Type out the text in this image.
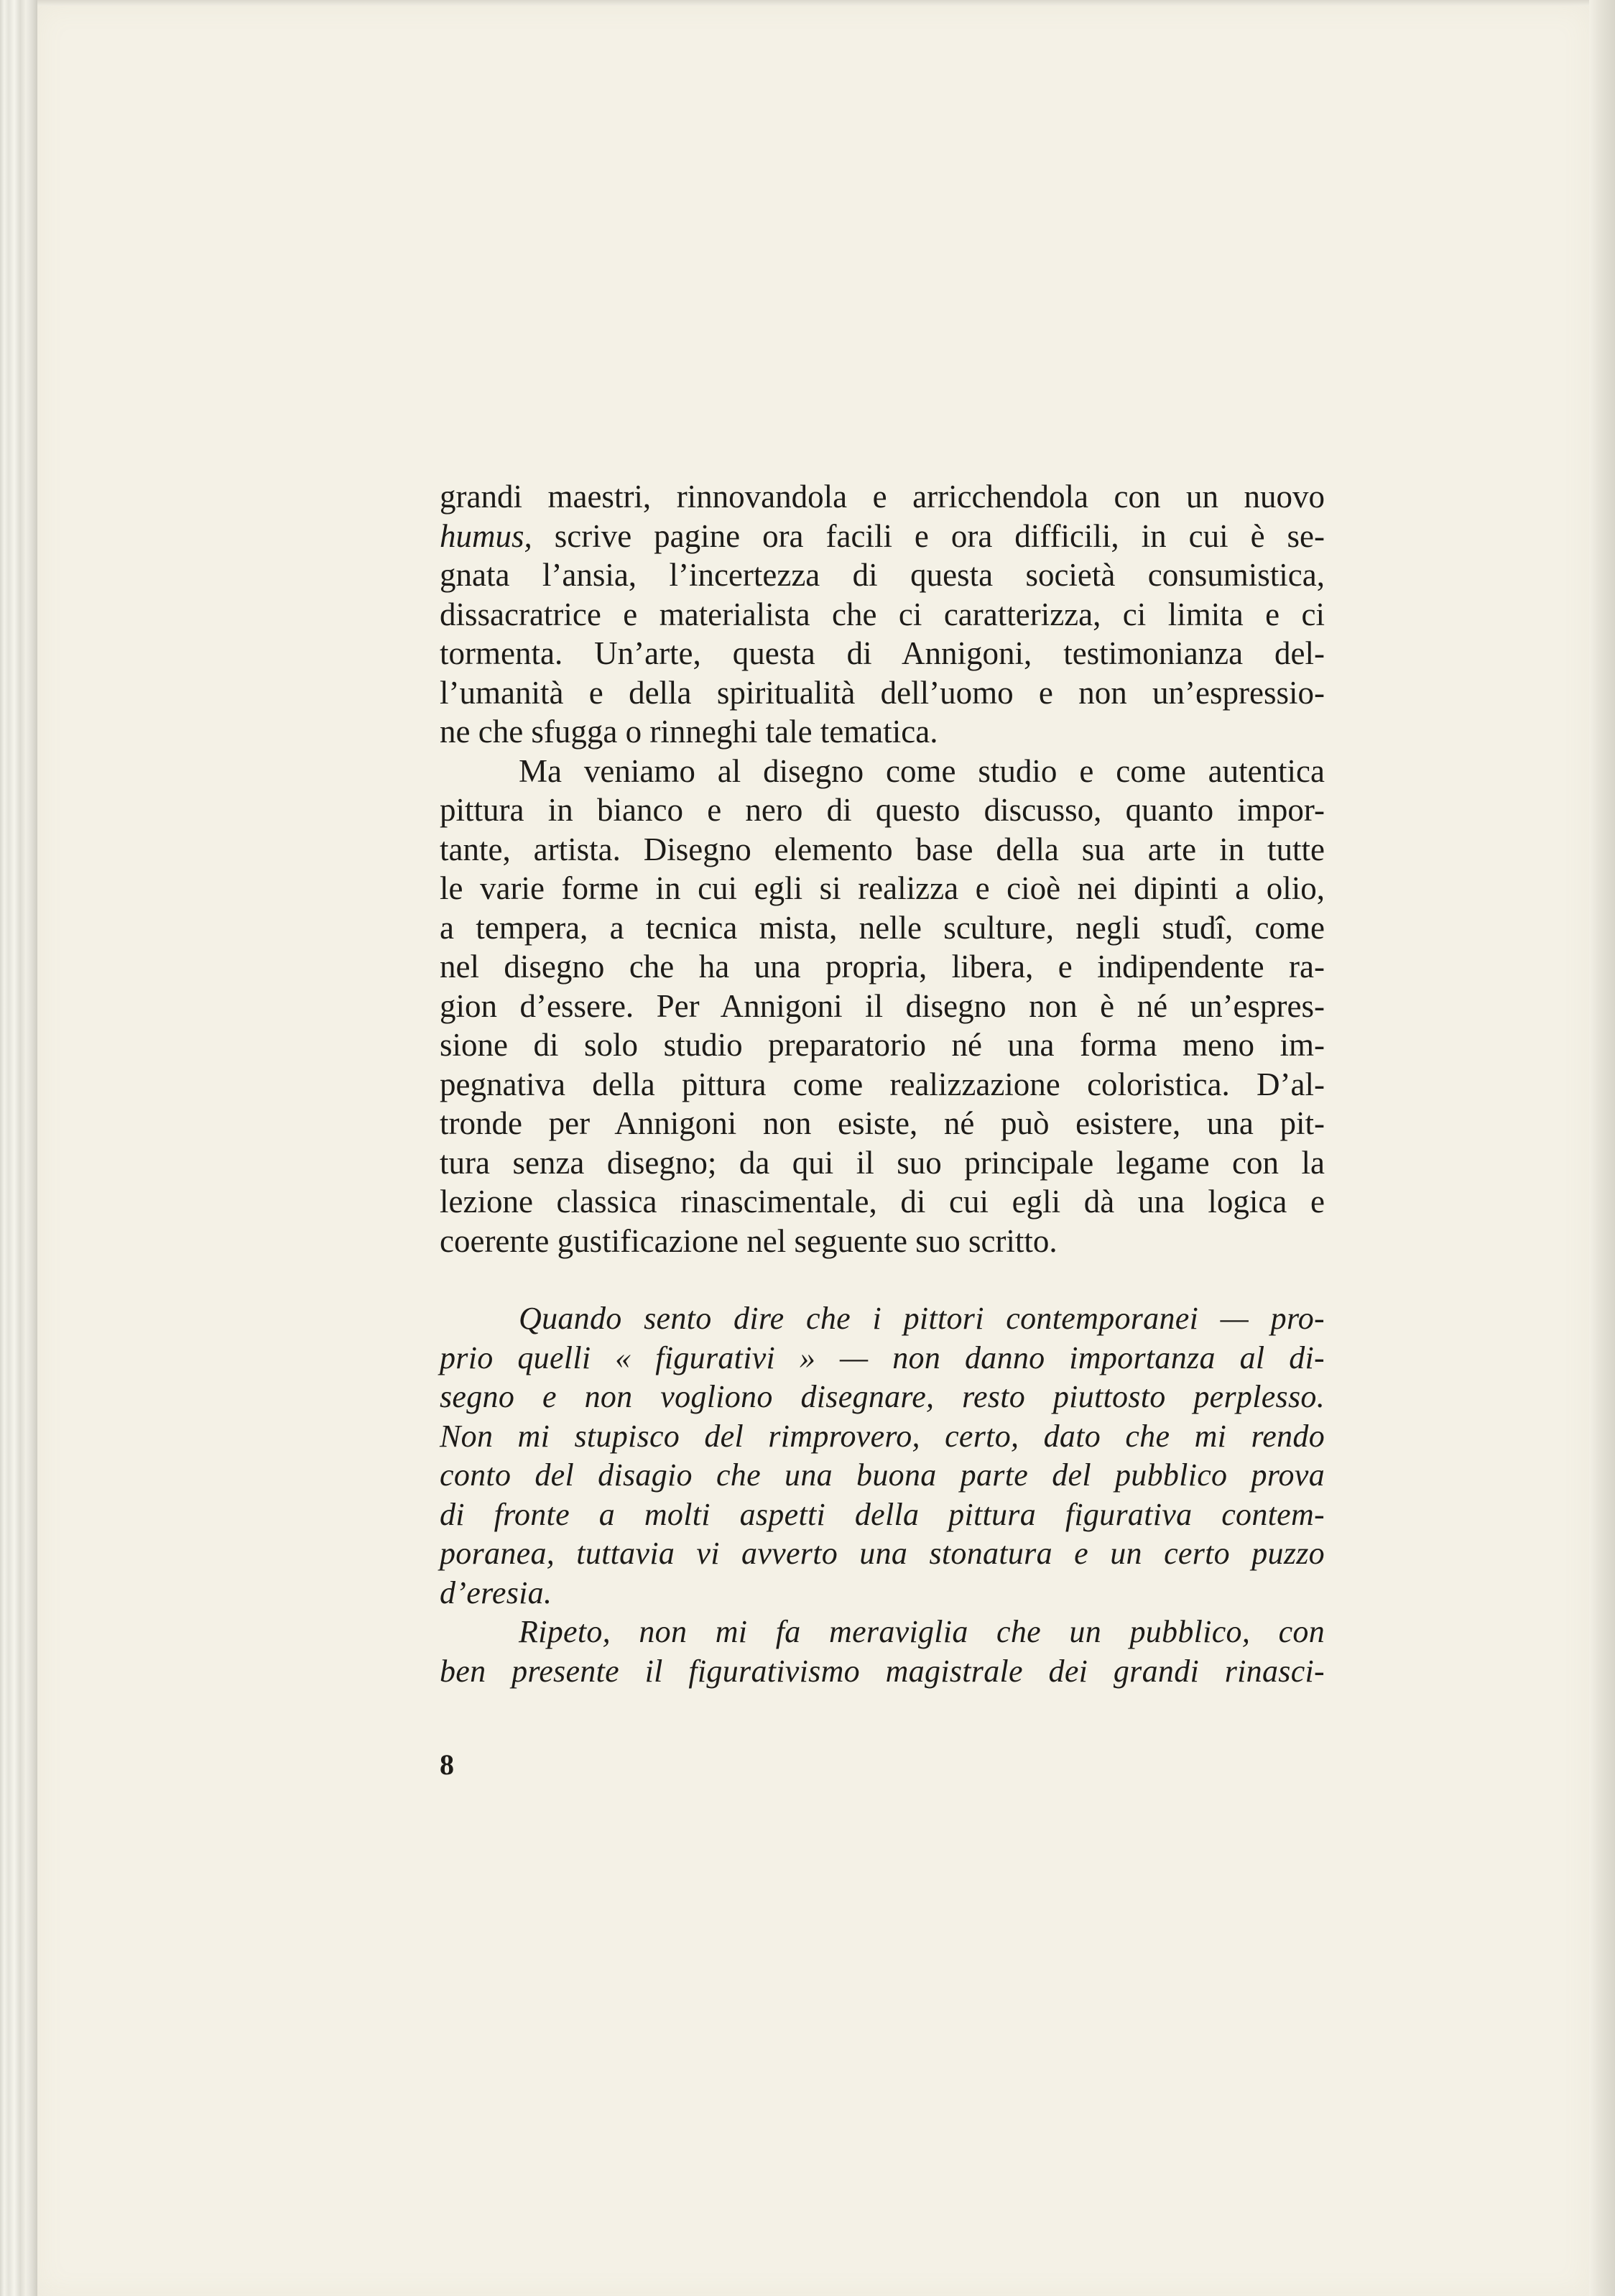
grandi maestri, rinnovandola e arricchendola con un nuovo
humus, scrive pagine ora facili e ora difficili, in cui è se-
gnata l’ansia, l’incertezza di questa società consumistica,
dissacratrice e materialista che ci caratterizza, ci limita e ci
tormenta. Un’arte, questa di Annigoni, testimonianza del-
l’umanità e della spiritualità dell’uomo e non un’espressio-
ne che sfugga o rinneghi tale tematica.

Ma veniamo al disegno come studio e come autentica
pittura in bianco e nero di questo discusso, quanto impor-
tante, artista. Disegno elemento base della sua arte in tutte
le varie forme in cui egli si realizza e cioè nei dipinti a olio,
a tempera, a tecnica mista, nelle sculture, negli studî, come
nel disegno che ha una propria, libera, e indipendente ra-
gion d’essere. Per Annigoni il disegno non è né un’espres-
sione di solo studio preparatorio né una forma meno im-
pegnativa della pittura come realizzazione coloristica. D’al-
tronde per Annigoni non esiste, né può esistere, una pit-
tura senza disegno; da qui il suo principale legame con la
lezione classica rinascimentale, di cui egli dà una logica e
coerente gustificazione nel seguente suo scritto.

Quando sento dire che i pittori contemporanei — pro-
prio quelli « figurativi » — non danno importanza al di-
segno e non vogliono disegnare, resto piuttosto perplesso.
Non mi stupisco del rimprovero, certo, dato che mi rendo
conto del disagio che una buona parte del pubblico prova
di fronte a molti aspetti della pittura figurativa contem-
poranea, tuttavia vi avverto una stonatura e un certo puzzo
d’eresia.

Ripeto, non mi fa meraviglia che un pubblico, con
ben presente il figurativismo magistrale dei grandi rinasci-

8
